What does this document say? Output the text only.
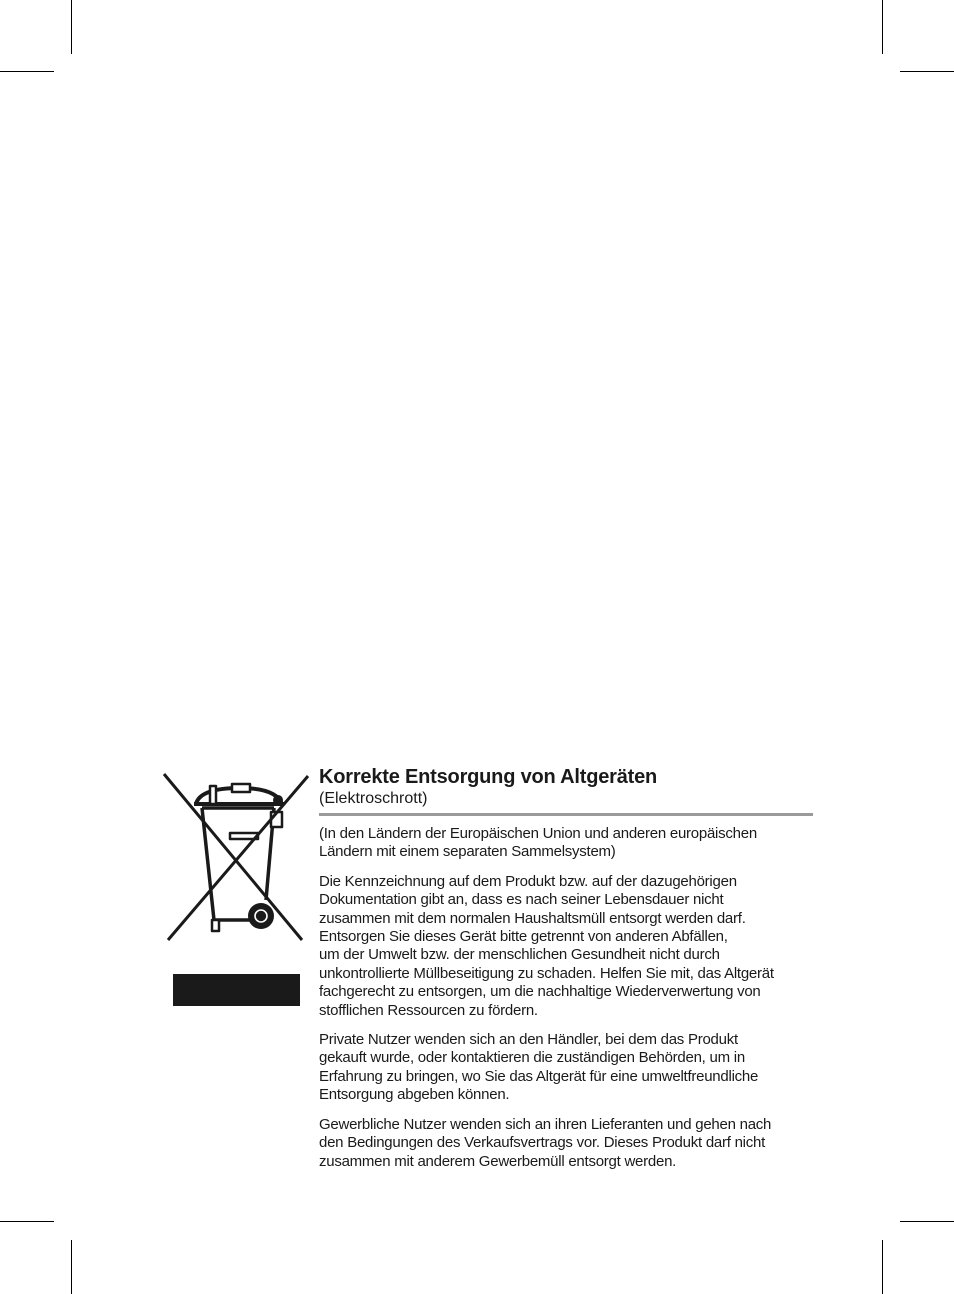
Korrekte Entsorgung von Altgeräten

(Elektroschrott)

(In den Ländern der Europäischen Union und anderen europäischen
Ländern mit einem separaten Sammelsystem)

Die Kennzeichnung auf dem Produkt bzw. auf der dazugehörigen
Dokumentation gibt an, dass es nach seiner Lebensdauer nicht
zusammen mit dem normalen Haushaltsmüll entsorgt werden darf.
Entsorgen Sie dieses Gerät bitte getrennt von anderen Abfällen,
um der Umwelt bzw. der menschlichen Gesundheit nicht durch
unkontrollierte Müllbeseitigung zu schaden. Helfen Sie mit, das Altgerät
fachgerecht zu entsorgen, um die nachhaltige Wiederverwertung von
stofflichen Ressourcen zu fördern.

Private Nutzer wenden sich an den Händler, bei dem das Produkt
gekauft wurde, oder kontaktieren die zuständigen Behörden, um in
Erfahrung zu bringen, wo Sie das Altgerät für eine umweltfreundliche
Entsorgung abgeben können.

Gewerbliche Nutzer wenden sich an ihren Lieferanten und gehen nach
den Bedingungen des Verkaufsvertrags vor. Dieses Produkt darf nicht
zusammen mit anderem Gewerbemüll entsorgt werden.
